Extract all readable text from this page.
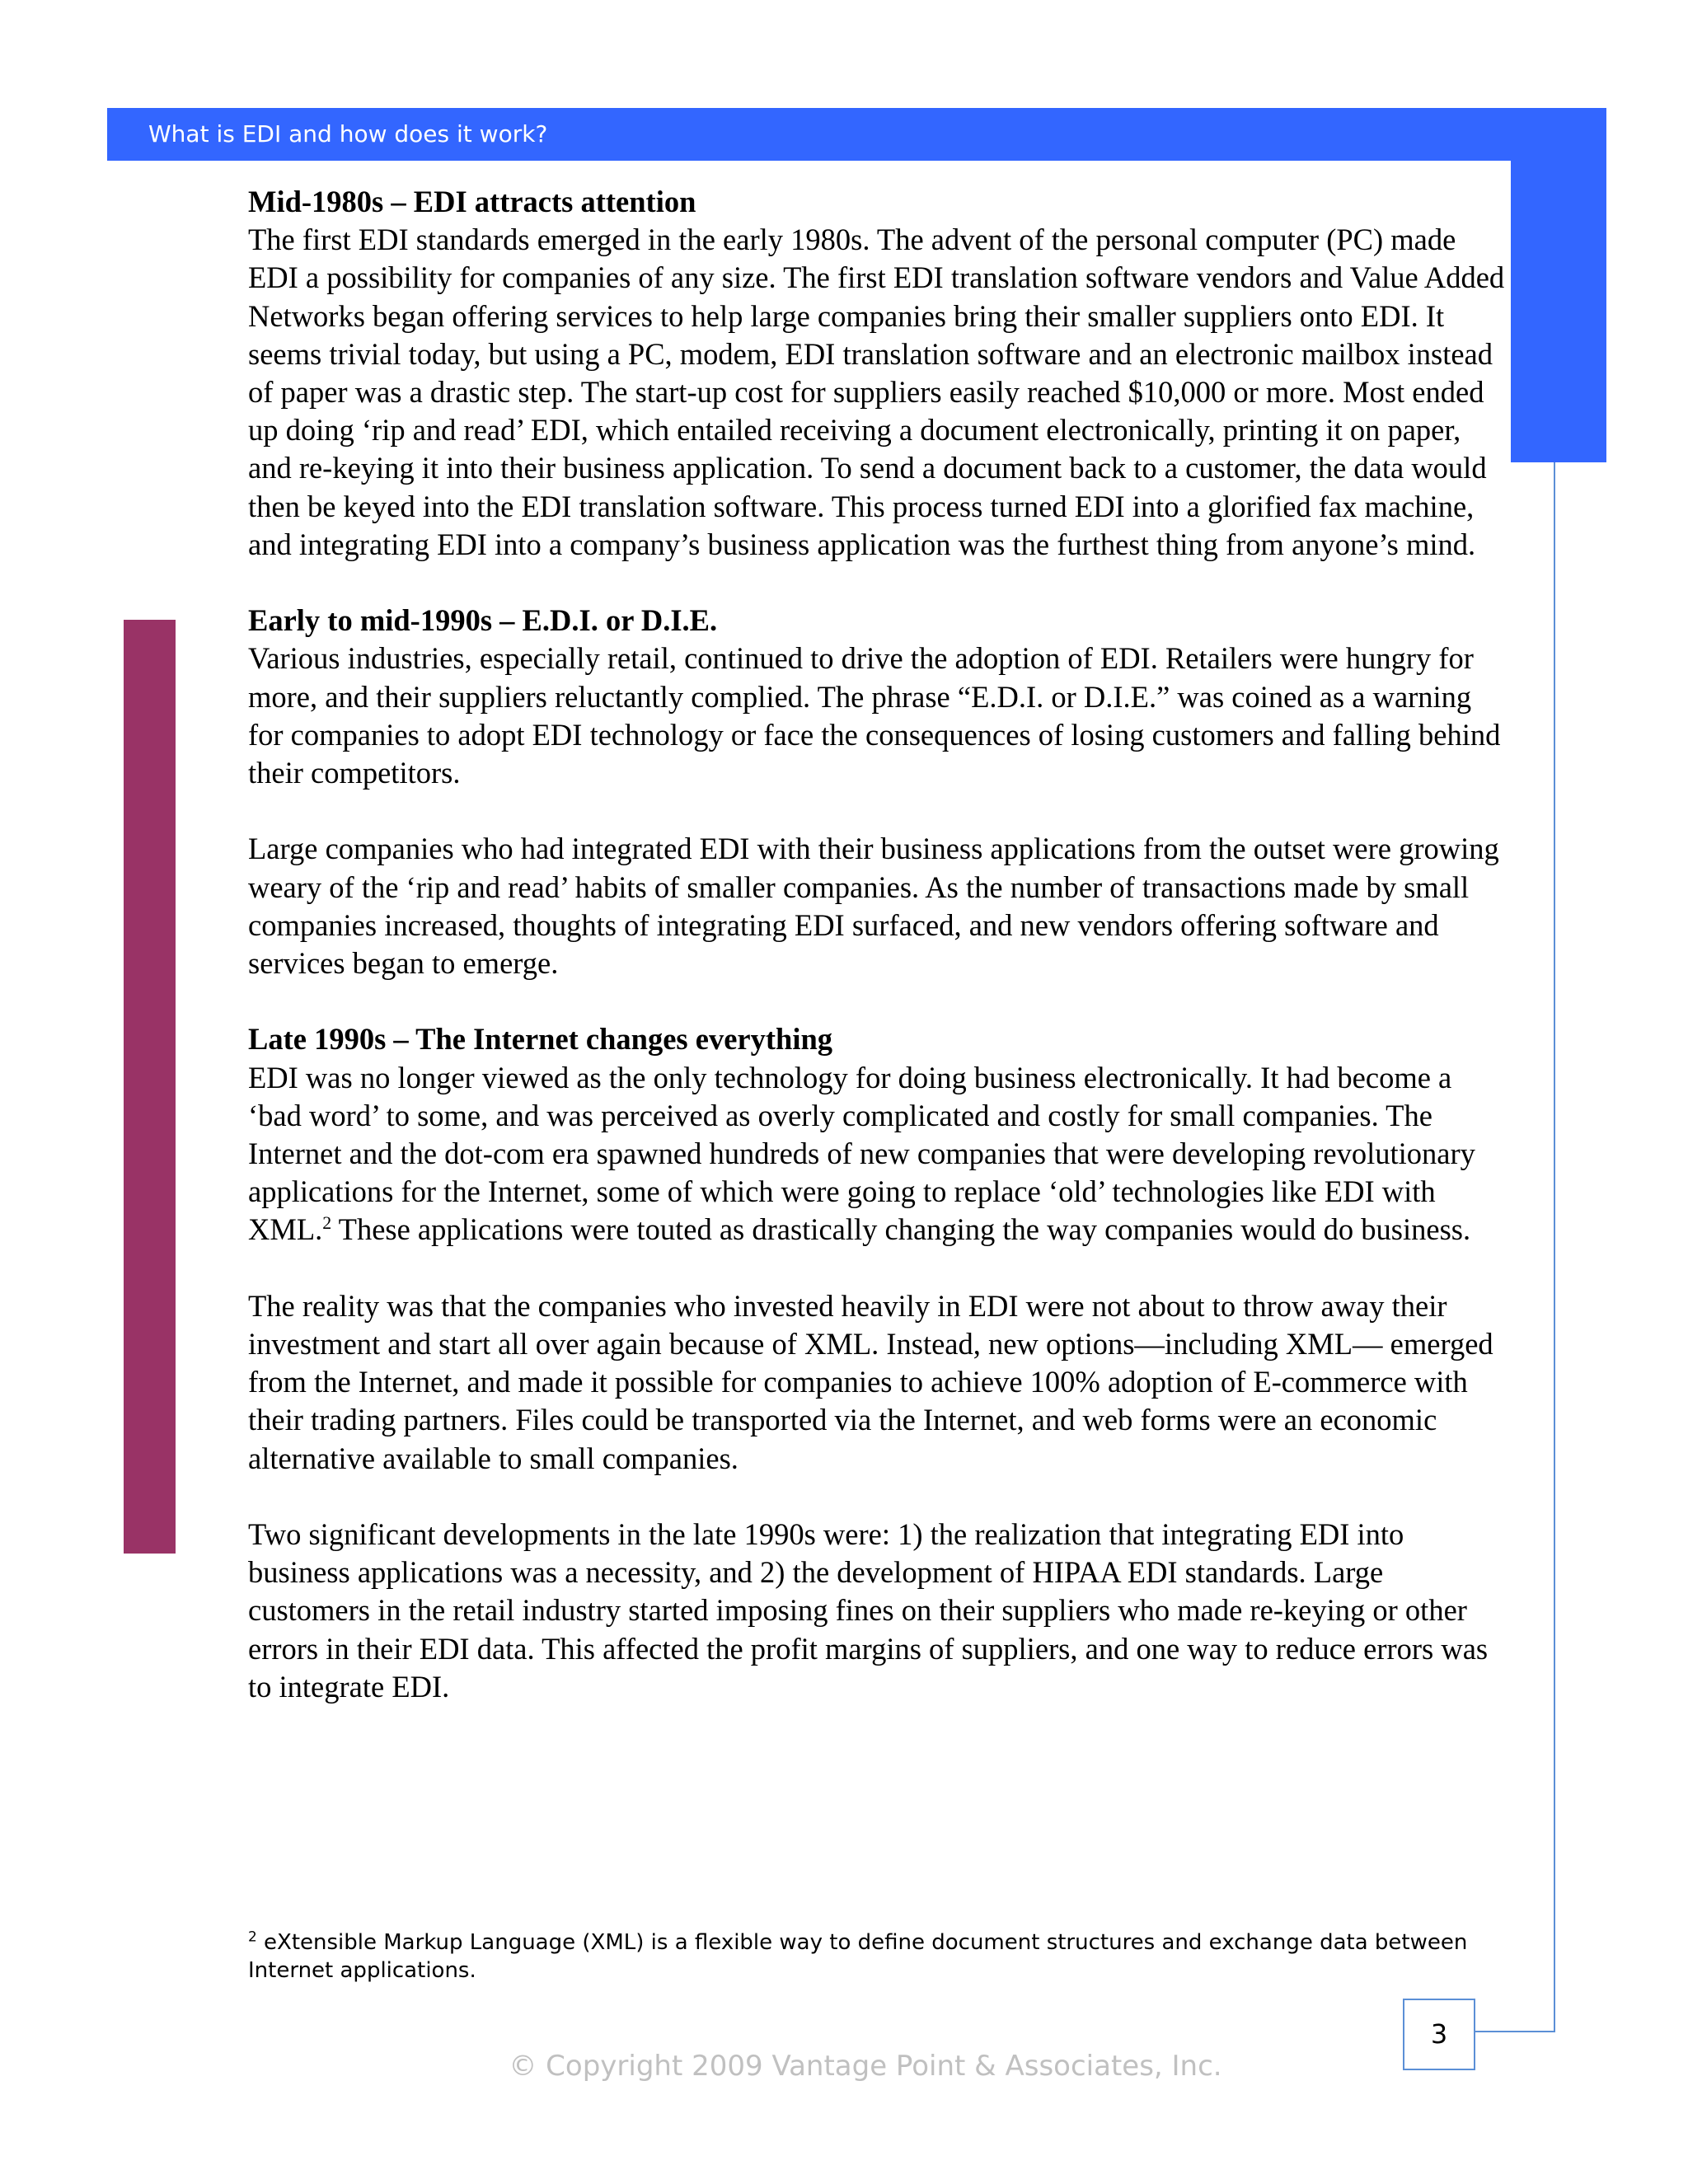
What is EDI and how does it work?

Mid-1980s – EDI attracts attention

The first EDI standards emerged in the early 1980s. The advent of the personal computer (PC) made EDI a possibility for companies of any size. The first EDI translation software vendors and Value Added Networks began offering services to help large companies bring their smaller suppliers onto EDI. It seems trivial today, but using a PC, modem, EDI translation software and an electronic mailbox instead of paper was a drastic step. The start-up cost for suppliers easily reached $10,000 or more. Most ended up doing ‘rip and read’ EDI, which entailed receiving a document electronically, printing it on paper, and re-keying it into their business application. To send a document back to a customer, the data would then be keyed into the EDI translation software. This process turned EDI into a glorified fax machine, and integrating EDI into a company’s business application was the furthest thing from anyone’s mind.

Early to mid-1990s – E.D.I. or D.I.E.

Various industries, especially retail, continued to drive the adoption of EDI. Retailers were hungry for more, and their suppliers reluctantly complied. The phrase “E.D.I. or D.I.E.” was coined as a warning for companies to adopt EDI technology or face the consequences of losing customers and falling behind their competitors.

Large companies who had integrated EDI with their business applications from the outset were growing weary of the ‘rip and read’ habits of smaller companies. As the number of transactions made by small companies increased, thoughts of integrating EDI surfaced, and new vendors offering software and services began to emerge.

Late 1990s – The Internet changes everything

EDI was no longer viewed as the only technology for doing business electronically. It had become a ‘bad word’ to some, and was perceived as overly complicated and costly for small companies. The Internet and the dot-com era spawned hundreds of new companies that were developing revolutionary applications for the Internet, some of which were going to replace ‘old’ technologies like EDI with XML.$^2$ These applications were touted as drastically changing the way companies would do business.

The reality was that the companies who invested heavily in EDI were not about to throw away their investment and start all over again because of XML. Instead, new options—including XML— emerged from the Internet, and made it possible for companies to achieve 100% adoption of E-commerce with their trading partners. Files could be transported via the Internet, and web forms were an economic alternative available to small companies.

Two significant developments in the late 1990s were: 1) the realization that integrating EDI into business applications was a necessity, and 2) the development of HIPAA EDI standards. Large customers in the retail industry started imposing fines on their suppliers who made re-keying or other errors in their EDI data. This affected the profit margins of suppliers, and one way to reduce errors was to integrate EDI.

$^2$ eXtensible Markup Language (XML) is a flexible way to define document structures and exchange data between Internet applications.
3
© Copyright 2009 Vantage Point & Associates, Inc.
